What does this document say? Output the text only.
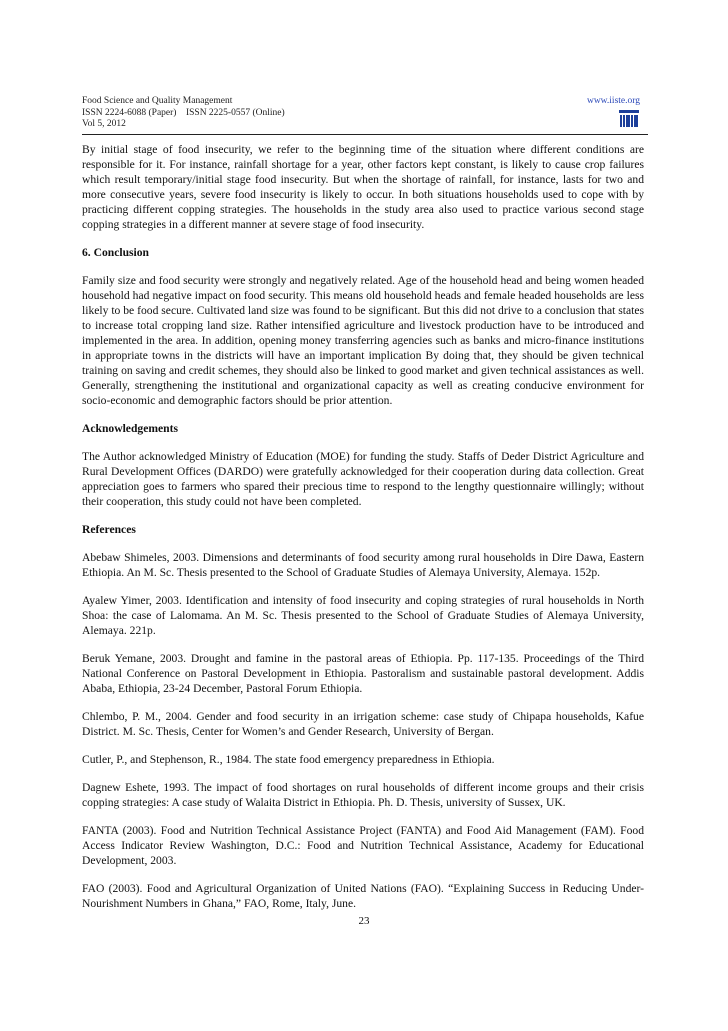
Food Science and Quality Management
ISSN 2224-6088 (Paper)    ISSN 2225-0557 (Online)
Vol 5, 2012
www.iiste.org

By initial stage of food insecurity, we refer to the beginning time of the situation where different conditions are responsible for it. For instance, rainfall shortage for a year, other factors kept constant, is likely to cause crop failures which result temporary/initial stage food insecurity. But when the shortage of rainfall, for instance, lasts for two and more consecutive years, severe food insecurity is likely to occur. In both situations households used to cope with by practicing different copping strategies. The households in the study area also used to practice various second stage copping strategies in a different manner at severe stage of food insecurity.

6. Conclusion

Family size and food security were strongly and negatively related. Age of the household head and being women headed household had negative impact on food security. This means old household heads and female headed households are less likely to be food secure. Cultivated land size was found to be significant. But this did not drive to a conclusion that states to increase total cropping land size. Rather intensified agriculture and livestock production have to be introduced and implemented in the area. In addition, opening money transferring agencies such as banks and micro-finance institutions in appropriate towns in the districts will have an important implication By doing that, they should be given technical training on saving and credit schemes, they should also be linked to good market and given technical assistances as well. Generally, strengthening the institutional and organizational capacity as well as creating conducive environment for socio-economic and demographic factors should be prior attention.

Acknowledgements

The Author acknowledged Ministry of Education (MOE) for funding the study. Staffs of Deder District Agriculture and Rural Development Offices (DARDO) were gratefully acknowledged for their cooperation during data collection. Great appreciation goes to farmers who spared their precious time to respond to the lengthy questionnaire willingly; without their cooperation, this study could not have been completed.

References

Abebaw Shimeles, 2003. Dimensions and determinants of food security among rural households in Dire Dawa, Eastern Ethiopia. An M. Sc. Thesis presented to the School of Graduate Studies of Alemaya University, Alemaya. 152p.

Ayalew Yimer, 2003. Identification and intensity of food insecurity and coping strategies of rural households in North Shoa: the case of Lalomama. An M. Sc. Thesis presented to the School of Graduate Studies of Alemaya University, Alemaya. 221p.

Beruk Yemane, 2003. Drought and famine in the pastoral areas of Ethiopia. Pp. 117-135. Proceedings of the Third National Conference on Pastoral Development in Ethiopia. Pastoralism and sustainable pastoral development. Addis Ababa, Ethiopia, 23-24 December, Pastoral Forum Ethiopia.

Chlembo, P. M., 2004. Gender and food security in an irrigation scheme: case study of Chipapa households, Kafue District. M. Sc. Thesis, Center for Women’s and Gender Research, University of Bergan.

Cutler, P., and Stephenson, R., 1984. The state food emergency preparedness in Ethiopia.

Dagnew Eshete, 1993. The impact of food shortages on rural households of different income groups and their crisis copping strategies: A case study of Walaita District in Ethiopia. Ph. D. Thesis, university of Sussex, UK.

FANTA (2003). Food and Nutrition Technical Assistance Project (FANTA) and Food Aid Management (FAM). Food Access Indicator Review Washington, D.C.: Food and Nutrition Technical Assistance, Academy for Educational Development, 2003.

FAO (2003). Food and Agricultural Organization of United Nations (FAO). “Explaining Success in Reducing Under-Nourishment Numbers in Ghana,” FAO, Rome, Italy, June.

23
